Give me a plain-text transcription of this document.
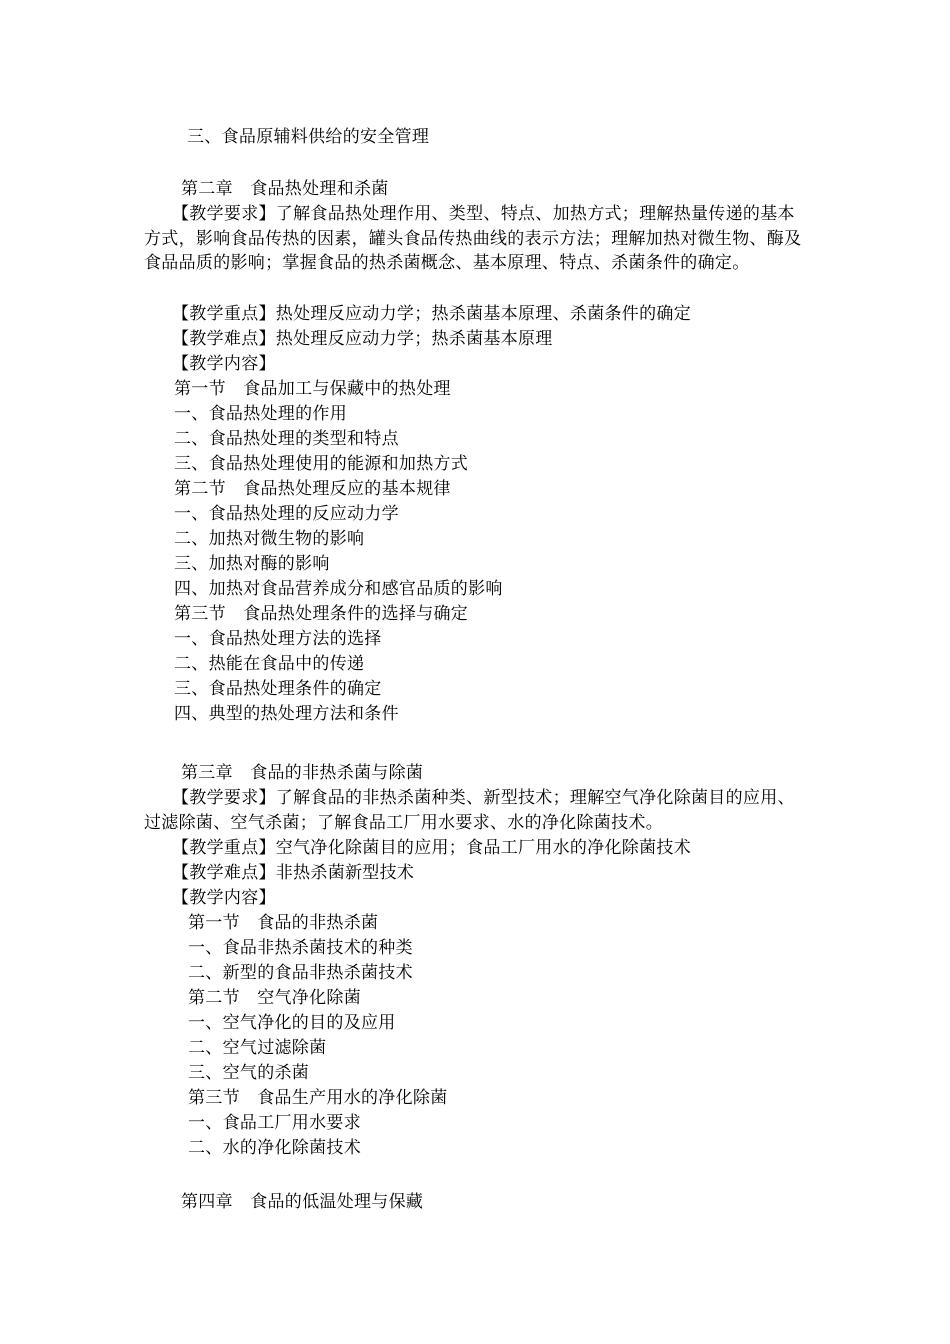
三、食品原辅料供给的安全管理
第二章　食品热处理和杀菌
【教学要求】了解食品热处理作用、类型、特点、加热方式；理解热量传递的基本方式，影响食品传热的因素，罐头食品传热曲线的表示方法；理解加热对微生物、酶及食品品质的影响；掌握食品的热杀菌概念、基本原理、特点、杀菌条件的确定。
【教学重点】热处理反应动力学；热杀菌基本原理、杀菌条件的确定
【教学难点】热处理反应动力学；热杀菌基本原理
【教学内容】
第一节　食品加工与保藏中的热处理
一、食品热处理的作用
二、食品热处理的类型和特点
三、食品热处理使用的能源和加热方式
第二节　食品热处理反应的基本规律
一、食品热处理的反应动力学
二、加热对微生物的影响
三、加热对酶的影响
四、加热对食品营养成分和感官品质的影响
第三节　食品热处理条件的选择与确定
一、食品热处理方法的选择
二、热能在食品中的传递
三、食品热处理条件的确定
四、典型的热处理方法和条件
第三章　食品的非热杀菌与除菌
【教学要求】了解食品的非热杀菌种类、新型技术；理解空气净化除菌目的应用、过滤除菌、空气杀菌；了解食品工厂用水要求、水的净化除菌技术。
【教学重点】空气净化除菌目的应用；食品工厂用水的净化除菌技术
【教学难点】非热杀菌新型技术
【教学内容】
第一节　食品的非热杀菌
一、食品非热杀菌技术的种类
二、新型的食品非热杀菌技术
第二节　空气净化除菌
一、空气净化的目的及应用
二、空气过滤除菌
三、空气的杀菌
第三节　食品生产用水的净化除菌
一、食品工厂用水要求
二、水的净化除菌技术
第四章　食品的低温处理与保藏
